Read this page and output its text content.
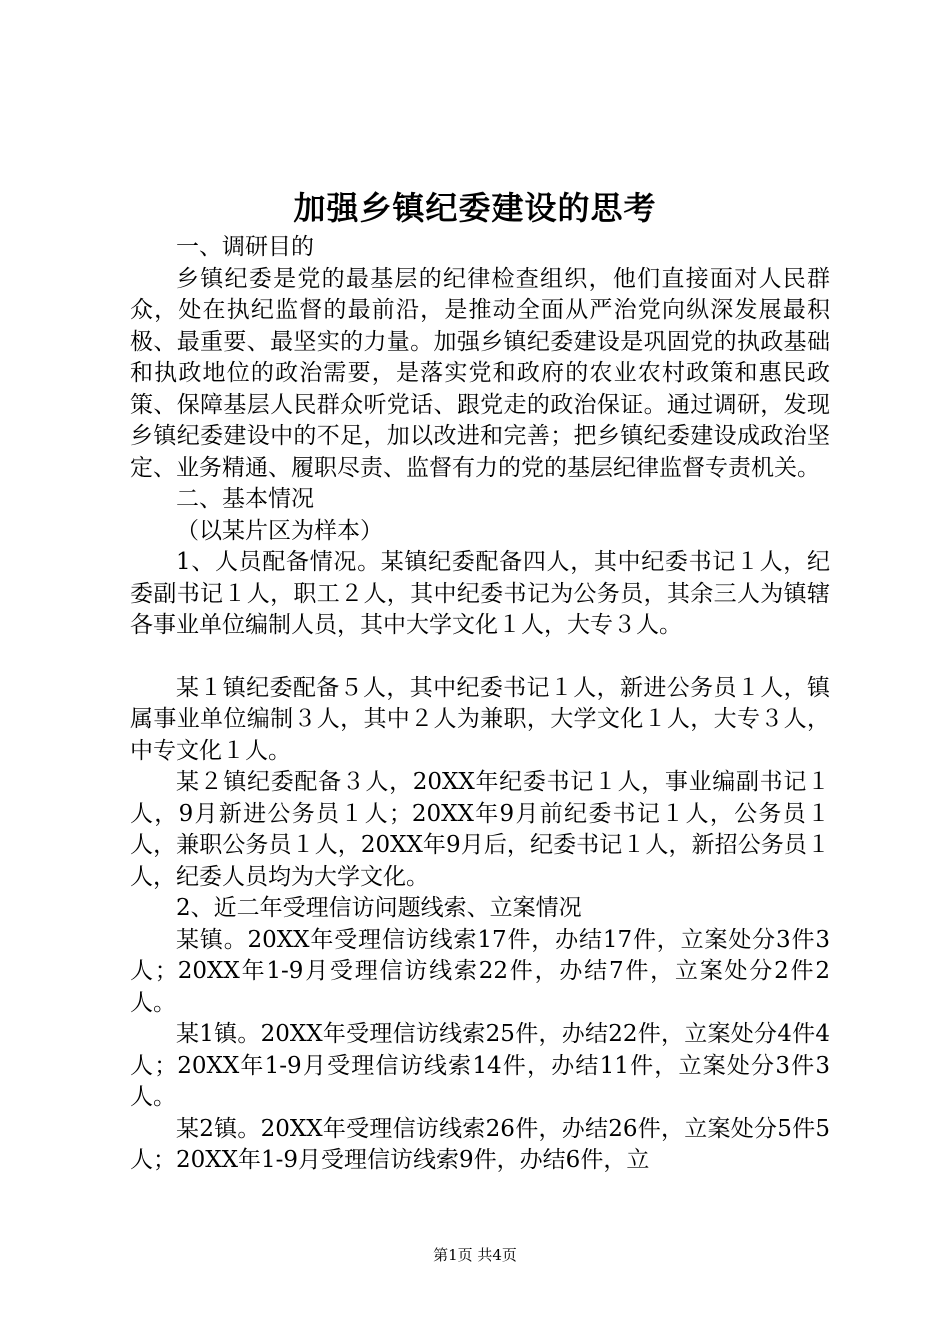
加强乡镇纪委建设的思考

一、调研目的

乡镇纪委是党的最基层的纪律检查组织，他们直接面对人民群众，处在执纪监督的最前沿，是推动全面从严治党向纵深发展最积极、最重要、最坚实的力量。加强乡镇纪委建设是巩固党的执政基础和执政地位的政治需要，是落实党和政府的农业农村政策和惠民政策、保障基层人民群众听党话、跟党走的政治保证。通过调研，发现乡镇纪委建设中的不足，加以改进和完善；把乡镇纪委建设成政治坚定、业务精通、履职尽责、监督有力的党的基层纪律监督专责机关。

二、基本情况

（以某片区为样本）

1、人员配备情况。某镇纪委配备四人，其中纪委书记１人，纪委副书记１人，职工２人，其中纪委书记为公务员，其余三人为镇辖各事业单位编制人员，其中大学文化１人，大专３人。

某１镇纪委配备５人，其中纪委书记１人，新进公务员１人，镇属事业单位编制３人，其中２人为兼职，大学文化１人，大专３人，中专文化１人。

某２镇纪委配备３人，20XX年纪委书记１人，事业编副书记１人，9月新进公务员１人；20XX年9月前纪委书记１人，公务员１人，兼职公务员１人，20XX年9月后，纪委书记１人，新招公务员１人，纪委人员均为大学文化。

2、近二年受理信访问题线索、立案情况

某镇。20XX年受理信访线索17件，办结17件，立案处分3件3人；20XX年1-9月受理信访线索22件，办结7件，立案处分2件2人。

某1镇。20XX年受理信访线索25件，办结22件，立案处分4件4人；20XX年1-9月受理信访线索14件，办结11件，立案处分3件3人。

某2镇。20XX年受理信访线索26件，办结26件，立案处分5件5人；20XX年1-9月受理信访线索9件，办结6件，立

第1页 共4页
